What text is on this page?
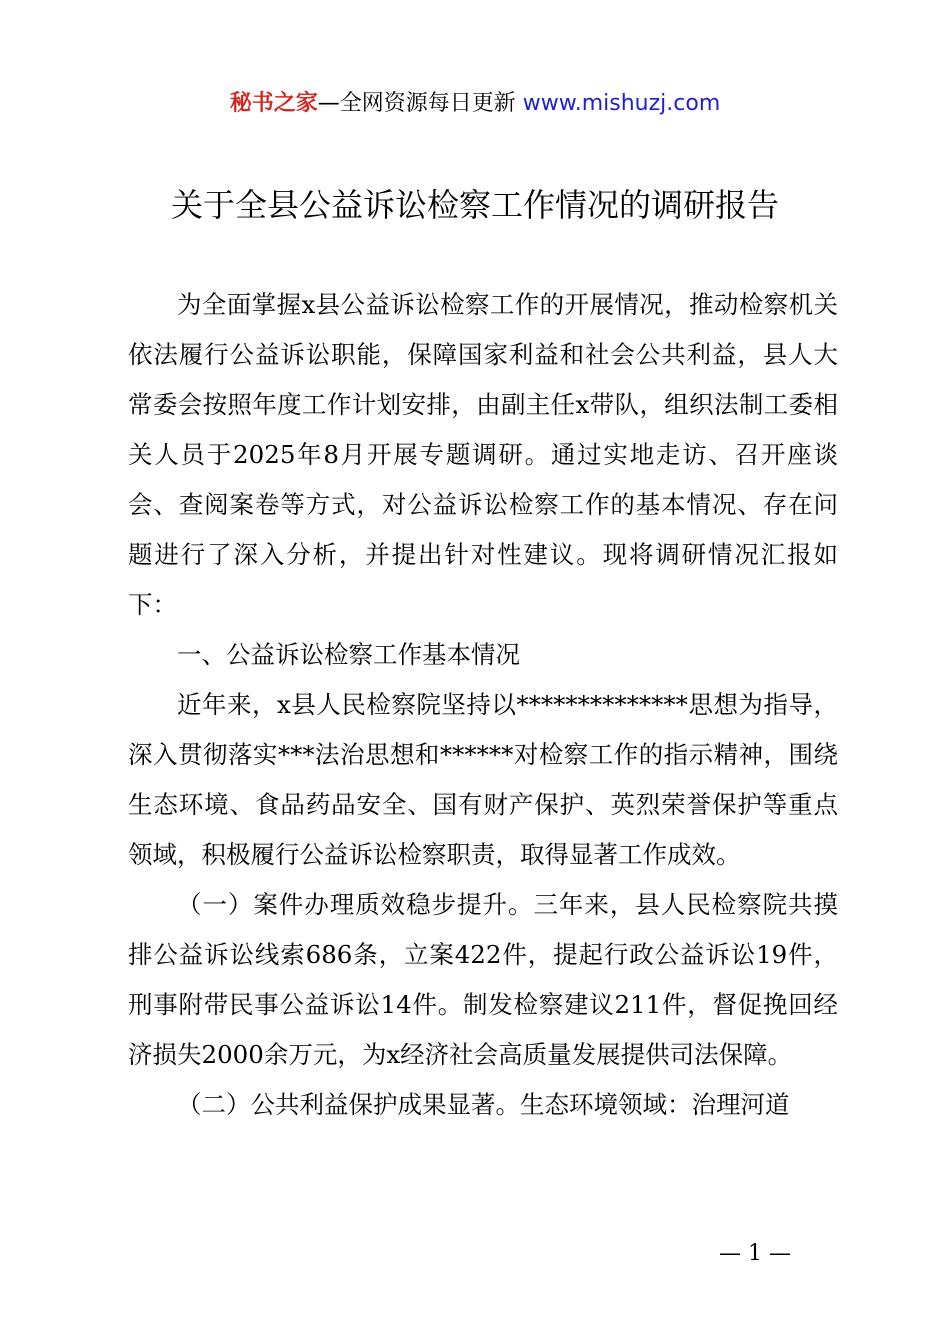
秘书之家—全网资源每日更新 www.mishuzj.com
关于全县公益诉讼检察工作情况的调研报告

为全面掌握x县公益诉讼检察工作的开展情况，推动检察机关依法履行公益诉讼职能，保障国家利益和社会公共利益，县人大常委会按照年度工作计划安排，由副主任x带队，组织法制工委相关人员于2025年8月开展专题调研。通过实地走访、召开座谈会、查阅案卷等方式，对公益诉讼检察工作的基本情况、存在问题进行了深入分析，并提出针对性建议。现将调研情况汇报如下：

一、公益诉讼检察工作基本情况

近年来，x县人民检察院坚持以**************思想为指导，深入贯彻落实***法治思想和******对检察工作的指示精神，围绕生态环境、食品药品安全、国有财产保护、英烈荣誉保护等重点领域，积极履行公益诉讼检察职责，取得显著工作成效。

（一）案件办理质效稳步提升。三年来，县人民检察院共摸排公益诉讼线索686条，立案422件，提起行政公益诉讼19件，刑事附带民事公益诉讼14件。制发检察建议211件，督促挽回经济损失2000余万元，为x经济社会高质量发展提供司法保障。

（二）公共利益保护成果显著。生态环境领域：治理河道

— 1 —
